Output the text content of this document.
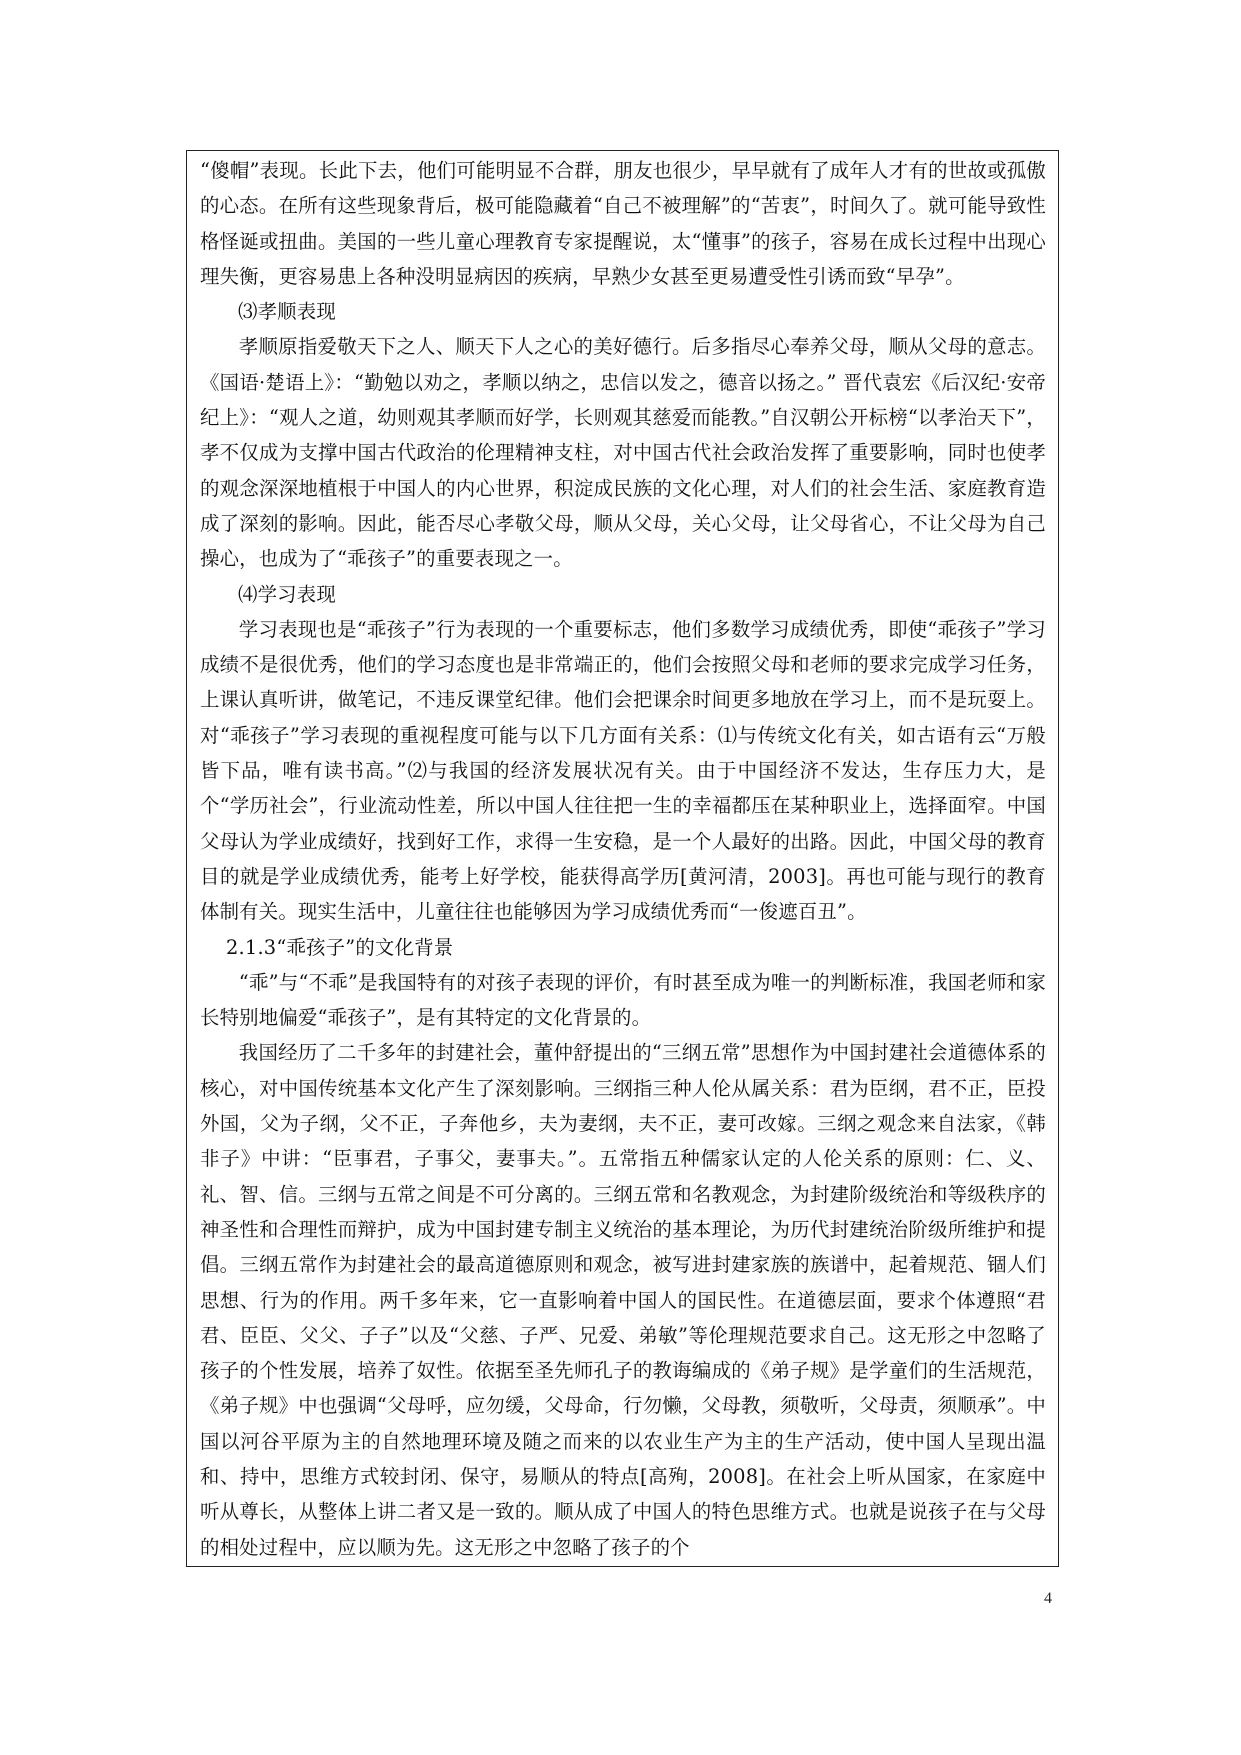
“傻帽”表现。长此下去，他们可能明显不合群，朋友也很少，早早就有了成年人才有的世故或孤傲的心态。在所有这些现象背后，极可能隐藏着“自己不被理解”的“苦衷”，时间久了。就可能导致性格怪诞或扭曲。美国的一些儿童心理教育专家提醒说，太“懂事”的孩子，容易在成长过程中出现心理失衡，更容易患上各种没明显病因的疾病，早熟少女甚至更易遭受性引诱而致“早孕”。

⑶孝顺表现

孝顺原指爱敬天下之人、顺天下人之心的美好德行。后多指尽心奉养父母，顺从父母的意志。 《国语·楚语上》：“勤勉以劝之，孝顺以纳之，忠信以发之，德音以扬之。” 晋代袁宏《后汉纪·安帝纪上》：“观人之道，幼则观其孝顺而好学，长则观其慈爱而能教。”自汉朝公开标榜“以孝治天下”，孝不仅成为支撑中国古代政治的伦理精神支柱，对中国古代社会政治发挥了重要影响，同时也使孝的观念深深地植根于中国人的内心世界，积淀成民族的文化心理，对人们的社会生活、家庭教育造成了深刻的影响。因此，能否尽心孝敬父母，顺从父母，关心父母，让父母省心，不让父母为自己操心，也成为了“乖孩子”的重要表现之一。

⑷学习表现

学习表现也是“乖孩子”行为表现的一个重要标志，他们多数学习成绩优秀，即使“乖孩子”学习成绩不是很优秀，他们的学习态度也是非常端正的，他们会按照父母和老师的要求完成学习任务，上课认真听讲，做笔记，不违反课堂纪律。他们会把课余时间更多地放在学习上，而不是玩耍上。对“乖孩子”学习表现的重视程度可能与以下几方面有关系：⑴与传统文化有关，如古语有云“万般皆下品，唯有读书高。”⑵与我国的经济发展状况有关。由于中国经济不发达，生存压力大，是个“学历社会”，行业流动性差，所以中国人往往把一生的幸福都压在某种职业上，选择面窄。中国父母认为学业成绩好，找到好工作，求得一生安稳，是一个人最好的出路。因此，中国父母的教育目的就是学业成绩优秀，能考上好学校，能获得高学历[黄河清，2003]。再也可能与现行的教育体制有关。现实生活中，儿童往往也能够因为学习成绩优秀而“一俊遮百丑”。

2.1.3“乖孩子”的文化背景

“乖”与“不乖”是我国特有的对孩子表现的评价，有时甚至成为唯一的判断标准，我国老师和家长特别地偏爱“乖孩子”，是有其特定的文化背景的。

我国经历了二千多年的封建社会，董仲舒提出的“三纲五常”思想作为中国封建社会道德体系的核心，对中国传统基本文化产生了深刻影响。三纲指三种人伦从属关系：君为臣纲，君不正，臣投外国，父为子纲，父不正，子奔他乡，夫为妻纲，夫不正，妻可改嫁。三纲之观念来自法家，《韩非子》中讲：“臣事君，子事父，妻事夫。”。五常指五种儒家认定的人伦关系的原则：仁、义、礼、智、信。三纲与五常之间是不可分离的。三纲五常和名教观念，为封建阶级统治和等级秩序的神圣性和合理性而辩护，成为中国封建专制主义统治的基本理论，为历代封建统治阶级所维护和提倡。三纲五常作为封建社会的最高道德原则和观念，被写进封建家族的族谱中，起着规范、锢人们思想、行为的作用。两千多年来，它一直影响着中国人的国民性。在道德层面，要求个体遵照“君君、臣臣、父父、子子”以及“父慈、子严、兄爱、弟敏”等伦理规范要求自己。这无形之中忽略了孩子的个性发展，培养了奴性。依据至圣先师孔子的教诲编成的《弟子规》是学童们的生活规范，《弟子规》中也强调“父母呼，应勿缓，父母命，行勿懒，父母教，须敬听，父母责，须顺承”。中国以河谷平原为主的自然地理环境及随之而来的以农业生产为主的生产活动，使中国人呈现出温和、持中，思维方式较封闭、保守，易顺从的特点[高殉，2008]。在社会上听从国家，在家庭中听从尊长，从整体上讲二者又是一致的。顺从成了中国人的特色思维方式。也就是说孩子在与父母的相处过程中，应以顺为先。这无形之中忽略了孩子的个

4
